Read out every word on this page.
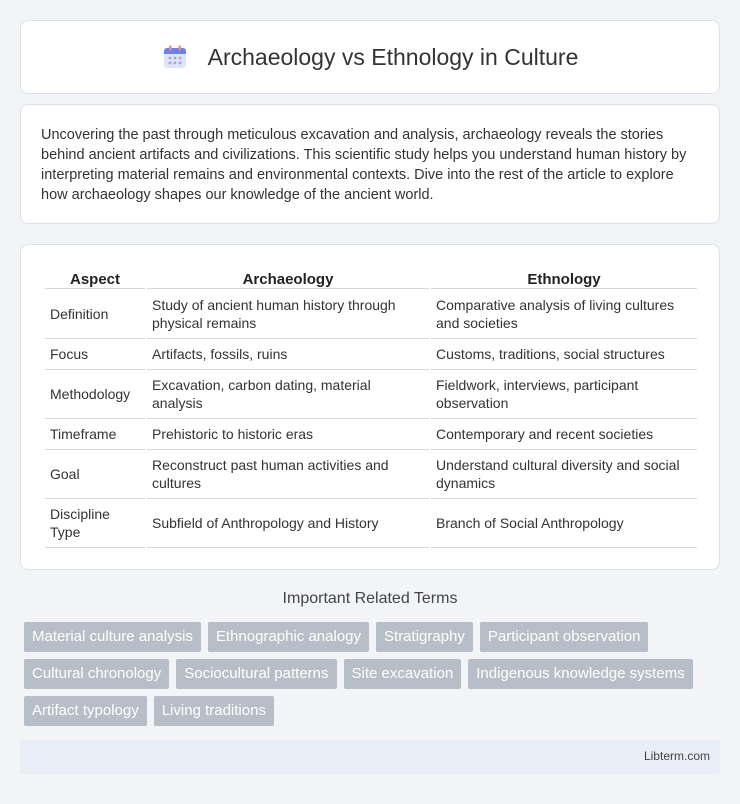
Archaeology vs Ethnology in Culture

Uncovering the past through meticulous excavation and analysis, archaeology reveals the stories behind ancient artifacts and civilizations. This scientific study helps you understand human history by interpreting material remains and environmental contexts. Dive into the rest of the article to explore how archaeology shapes our knowledge of the ancient world.

Aspect	Archaeology	Ethnology
Definition	Study of ancient human history through physical remains	Comparative analysis of living cultures and societies
Focus	Artifacts, fossils, ruins	Customs, traditions, social structures
Methodology	Excavation, carbon dating, material analysis	Fieldwork, interviews, participant observation
Timeframe	Prehistoric to historic eras	Contemporary and recent societies
Goal	Reconstruct past human activities and cultures	Understand cultural diversity and social dynamics
Discipline Type	Subfield of Anthropology and History	Branch of Social Anthropology
Important Related Terms
Material culture analysis	Ethnographic analogy	Stratigraphy	Participant observation
Cultural chronology	Sociocultural patterns	Site excavation	Indigenous knowledge systems
Artifact typology	Living traditions
Libterm.com
